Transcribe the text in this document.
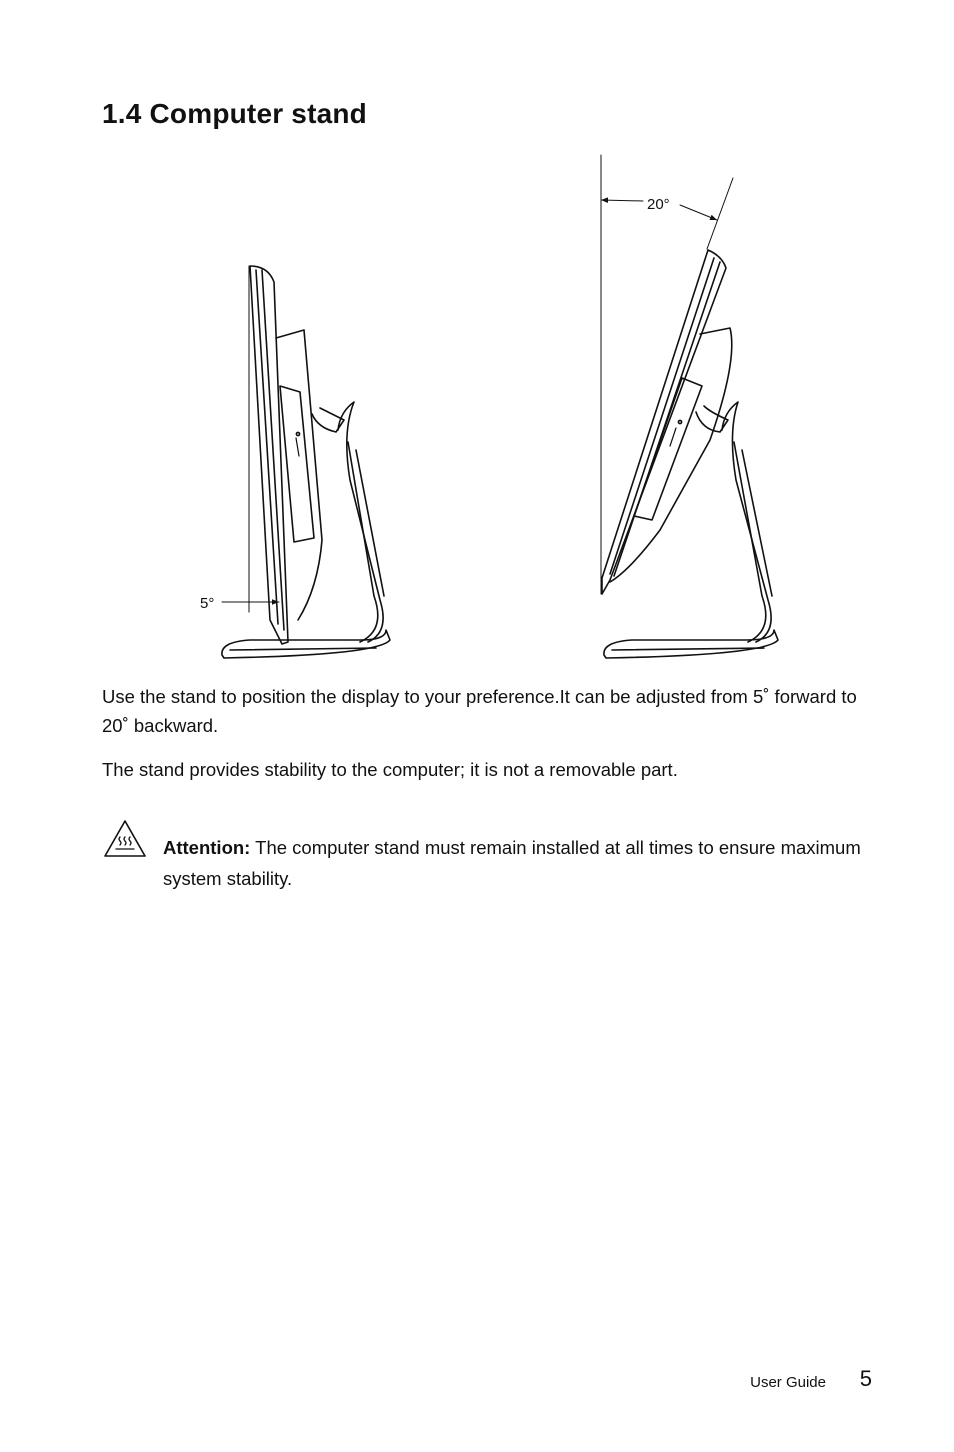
1.4 Computer stand
5°
20°

Use the stand to position the display to your preference.It can be adjusted from 5˚ forward to 20˚ backward.

The stand provides stability to the computer; it is not a removable part.

Attention: The computer stand must remain installed at all times to ensure maximum system stability.

User Guide 5
